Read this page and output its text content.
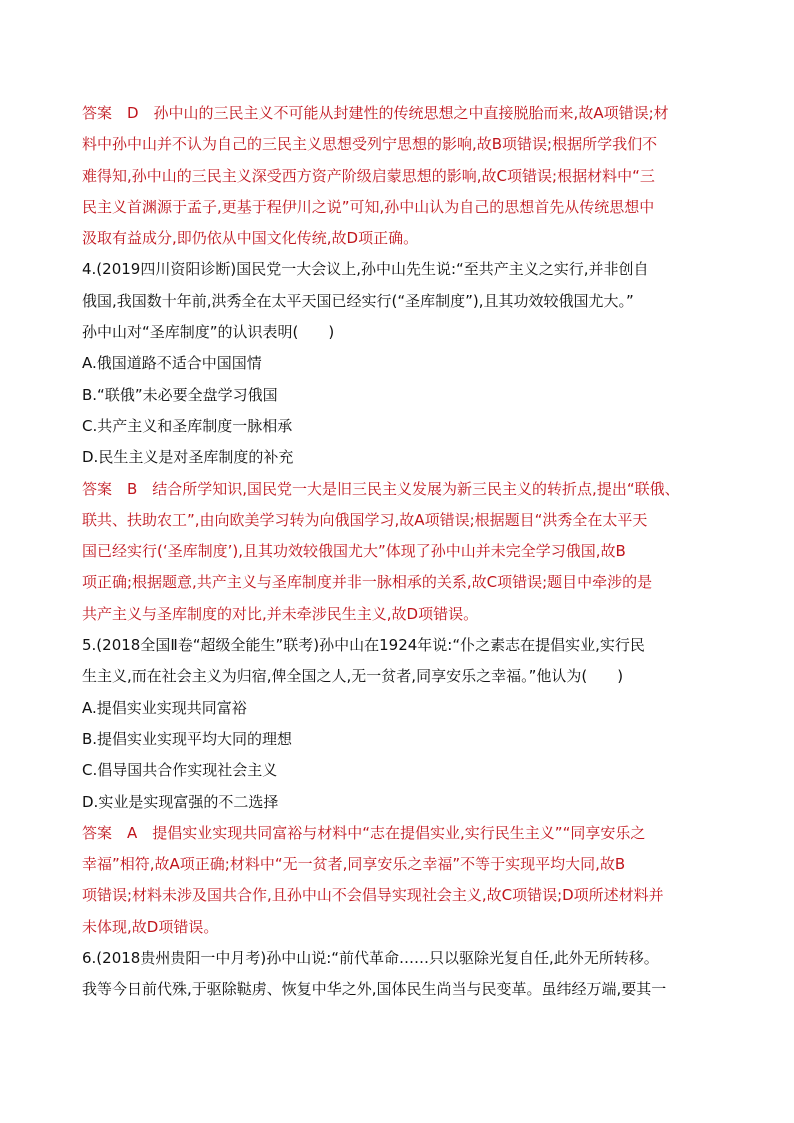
答案　D　孙中山的三民主义不可能从封建性的传统思想之中直接脱胎而来,故A项错误;材
料中孙中山并不认为自己的三民主义思想受列宁思想的影响,故B项错误;根据所学我们不
难得知,孙中山的三民主义深受西方资产阶级启蒙思想的影响,故C项错误;根据材料中“三
民主义首渊源于孟子,更基于程伊川之说”可知,孙中山认为自己的思想首先从传统思想中
汲取有益成分,即仍依从中国文化传统,故D项正确。
4.(2019四川资阳诊断)国民党一大会议上,孙中山先生说:“至共产主义之实行,并非创自
俄国,我国数十年前,洪秀全在太平天国已经实行(“圣库制度”),且其功效较俄国尤大。”
孙中山对“圣库制度”的认识表明(　　)
A.俄国道路不适合中国国情
B.“联俄”未必要全盘学习俄国
C.共产主义和圣库制度一脉相承
D.民生主义是对圣库制度的补充
答案　B　结合所学知识,国民党一大是旧三民主义发展为新三民主义的转折点,提出“联俄、
联共、扶助农工”,由向欧美学习转为向俄国学习,故A项错误;根据题目“洪秀全在太平天
国已经实行(‘圣库制度’),且其功效较俄国尤大”体现了孙中山并未完全学习俄国,故B
项正确;根据题意,共产主义与圣库制度并非一脉相承的关系,故C项错误;题目中牵涉的是
共产主义与圣库制度的对比,并未牵涉民生主义,故D项错误。
5.(2018全国Ⅱ卷“超级全能生”联考)孙中山在1924年说:“仆之素志在提倡实业,实行民
生主义,而在社会主义为归宿,俾全国之人,无一贫者,同享安乐之幸福。”他认为(　　)
A.提倡实业实现共同富裕
B.提倡实业实现平均大同的理想
C.倡导国共合作实现社会主义
D.实业是实现富强的不二选择
答案　A　提倡实业实现共同富裕与材料中“志在提倡实业,实行民生主义”“同享安乐之
幸福”相符,故A项正确;材料中“无一贫者,同享安乐之幸福”不等于实现平均大同,故B
项错误;材料未涉及国共合作,且孙中山不会倡导实现社会主义,故C项错误;D项所述材料并
未体现,故D项错误。
6.(2018贵州贵阳一中月考)孙中山说:“前代革命……只以驱除光复自任,此外无所转移。
我等今日前代殊,于驱除鞑虏、恢复中华之外,国体民生尚当与民变革。虽纬经万端,要其一
